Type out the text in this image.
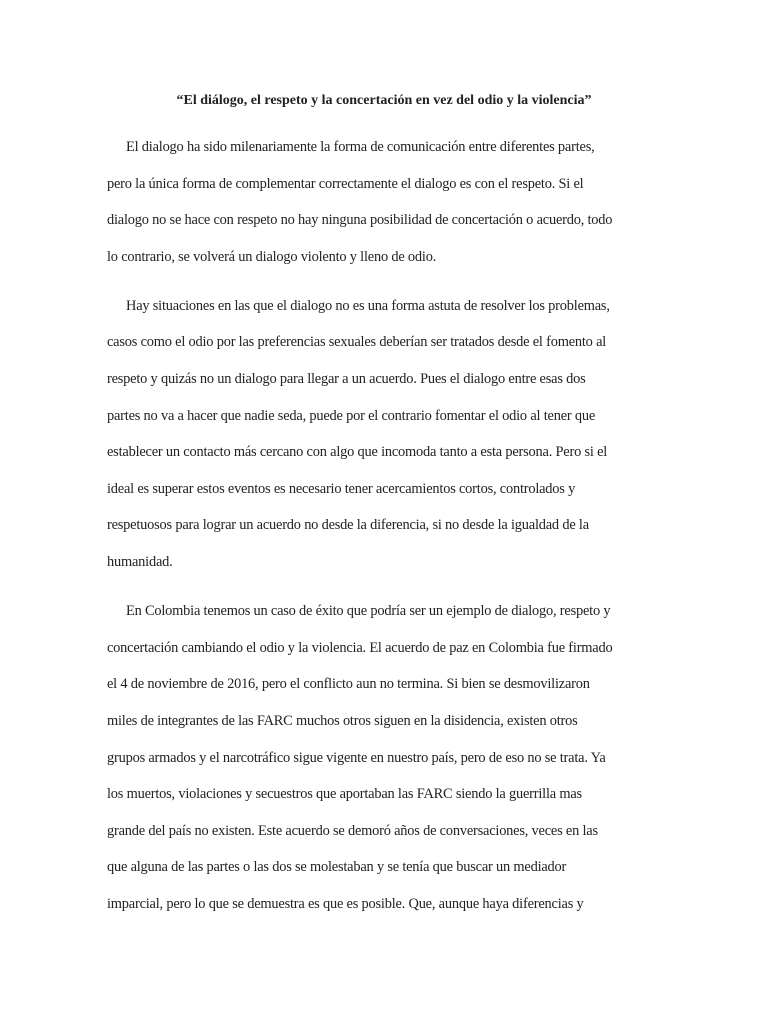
“El diálogo, el respeto y la concertación en vez del odio y la violencia”

El dialogo ha sido milenariamente la forma de comunicación entre diferentes partes,
pero la única forma de complementar correctamente el dialogo es con el respeto. Si el
dialogo no se hace con respeto no hay ninguna posibilidad de concertación o acuerdo, todo
lo contrario, se volverá un dialogo violento y lleno de odio.

Hay situaciones en las que el dialogo no es una forma astuta de resolver los problemas,
casos como el odio por las preferencias sexuales deberían ser tratados desde el fomento al
respeto y quizás no un dialogo para llegar a un acuerdo. Pues el dialogo entre esas dos
partes no va a hacer que nadie seda, puede por el contrario fomentar el odio al tener que
establecer un contacto más cercano con algo que incomoda tanto a esta persona. Pero si el
ideal es superar estos eventos es necesario tener acercamientos cortos, controlados y
respetuosos para lograr un acuerdo no desde la diferencia, si no desde la igualdad de la
humanidad.

En Colombia tenemos un caso de éxito que podría ser un ejemplo de dialogo, respeto y
concertación cambiando el odio y la violencia. El acuerdo de paz en Colombia fue firmado
el 4 de noviembre de 2016, pero el conflicto aun no termina. Si bien se desmovilizaron
miles de integrantes de las FARC muchos otros siguen en la disidencia, existen otros
grupos armados y el narcotráfico sigue vigente en nuestro país, pero de eso no se trata. Ya
los muertos, violaciones y secuestros que aportaban las FARC siendo la guerrilla mas
grande del país no existen. Este acuerdo se demoró años de conversaciones, veces en las
que alguna de las partes o las dos se molestaban y se tenía que buscar un mediador
imparcial, pero lo que se demuestra es que es posible. Que, aunque haya diferencias y
